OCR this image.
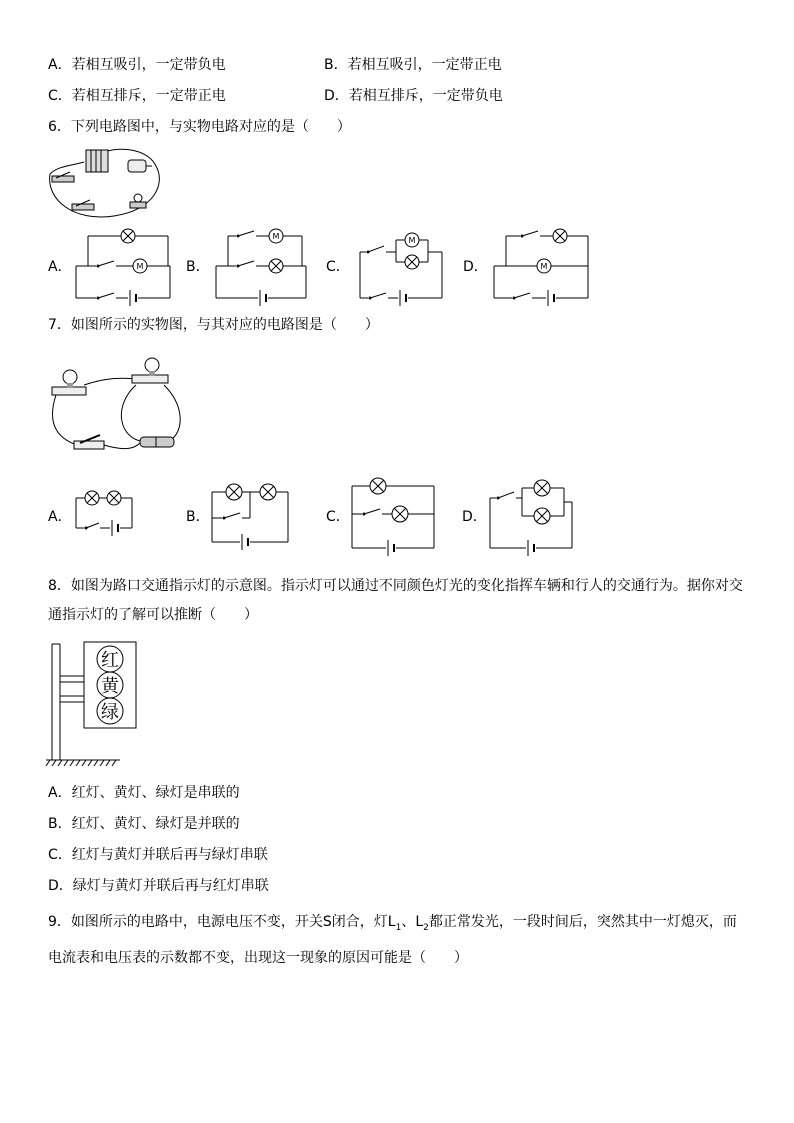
A．若相互吸引，一定带负电	B．若相互吸引，一定带正电
C．若相互排斥，一定带正电	D．若相互排斥，一定带负电
6．下列电路图中，与实物电路对应的是（　　）
A．	B．	C．	D．
M
M	M
M
7．如图所示的实物图，与其对应的电路图是（　　）
A．	B．	C．	D．
8．如图为路口交通指示灯的示意图。指示灯可以通过不同颜色灯光的变化指挥车辆和行人的交通行为。据你对交
通指示灯的了解可以推断（　　）
红
黄
绿
A．红灯、黄灯、绿灯是串联的
B．红灯、黄灯、绿灯是并联的
C．红灯与黄灯并联后再与绿灯串联
D．绿灯与黄灯并联后再与红灯串联
9．如图所示的电路中，电源电压不变，开关S闭合，灯$L_1$、$L_2$都正常发光，一段时间后，突然其中一灯熄灭，而
电流表和电压表的示数都不变，出现这一现象的原因可能是（　　）
